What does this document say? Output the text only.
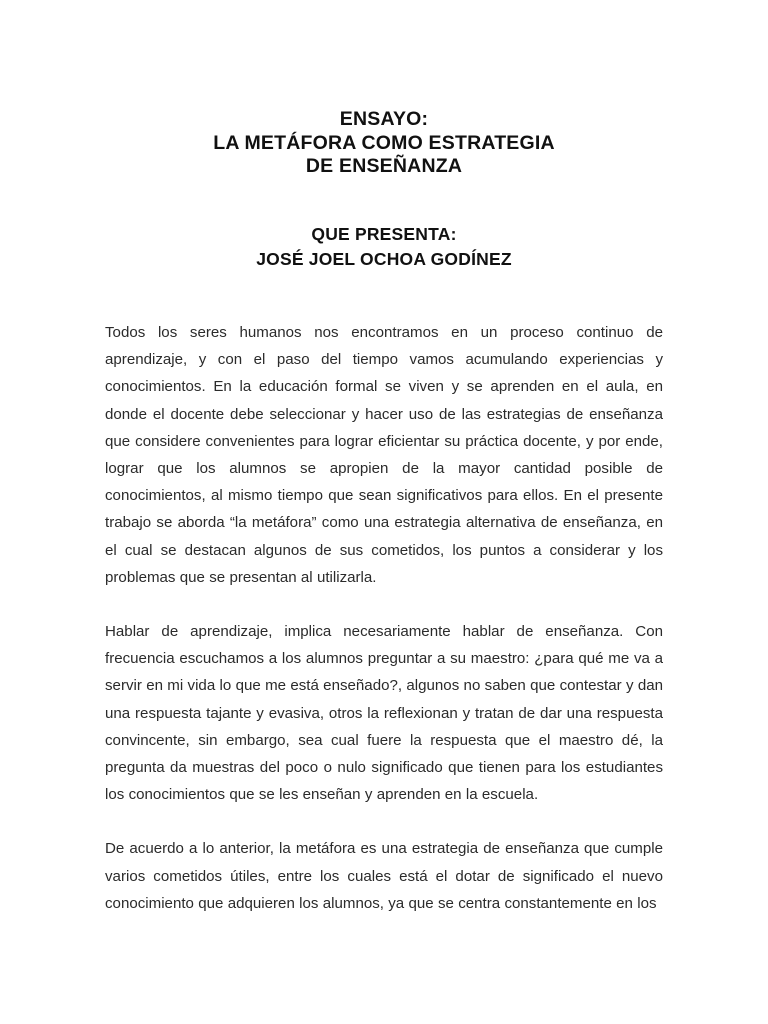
ENSAYO:
LA METÁFORA COMO ESTRATEGIA
DE ENSEÑANZA
QUE PRESENTA:
JOSÉ JOEL OCHOA GODÍNEZ

Todos los seres humanos nos encontramos en un proceso continuo de aprendizaje, y con el paso del tiempo vamos acumulando experiencias y conocimientos. En la educación formal se viven y se aprenden en el aula, en donde el docente debe seleccionar y hacer uso de las estrategias de enseñanza que considere convenientes para lograr eficientar su práctica docente, y por ende, lograr que los alumnos se apropien de la mayor cantidad posible de conocimientos, al mismo tiempo que sean significativos para ellos. En el presente trabajo se aborda “la metáfora” como una estrategia alternativa de enseñanza, en el cual se destacan algunos de sus cometidos, los puntos a considerar y los problemas que se presentan al utilizarla.

Hablar de aprendizaje, implica necesariamente hablar de enseñanza. Con frecuencia escuchamos a los alumnos preguntar a su maestro: ¿para qué me va a servir en mi vida lo que me está enseñado?, algunos no saben que contestar y dan una respuesta tajante y evasiva, otros la reflexionan y tratan de dar una respuesta convincente, sin embargo, sea cual fuere la respuesta que el maestro dé, la pregunta da muestras del poco o nulo significado que tienen para los estudiantes los conocimientos que se les enseñan y aprenden en la escuela.

De acuerdo a lo anterior, la metáfora es una estrategia de enseñanza que cumple varios cometidos útiles, entre los cuales está el dotar de significado el nuevo conocimiento que adquieren los alumnos, ya que se centra constantemente en los
